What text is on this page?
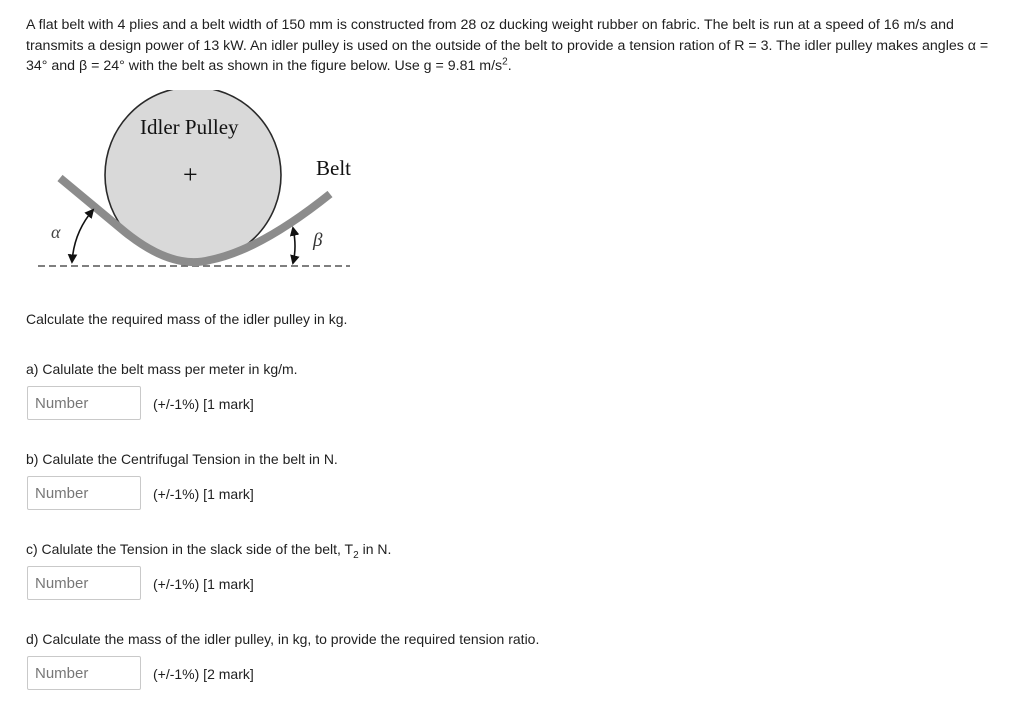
A flat belt with 4 plies and a belt width of 150 mm is constructed from 28 oz ducking weight rubber on fabric. The belt is run at a speed of 16 m/s and
transmits a design power of 13 kW. An idler pulley is used on the outside of the belt to provide a tension ration of R = 3. The idler pulley makes angles α =
34° and β = 24° with the belt as shown in the figure below. Use g = 9.81 $m/s^2$.
Idler Pulley
+	Belt
α	β

Calculate the required mass of the idler pulley in kg.

a) Calulate the belt mass per meter in kg/m.

Number
(+/-1%) [1 mark]

b) Calulate the Centrifugal Tension in the belt in N.

Number
(+/-1%) [1 mark]

c) Calulate the Tension in the slack side of the belt, $T_2$ in N.

Number
(+/-1%) [1 mark]

d) Calculate the mass of the idler pulley, in kg, to provide the required tension ratio.

Number
(+/-1%) [2 mark]
